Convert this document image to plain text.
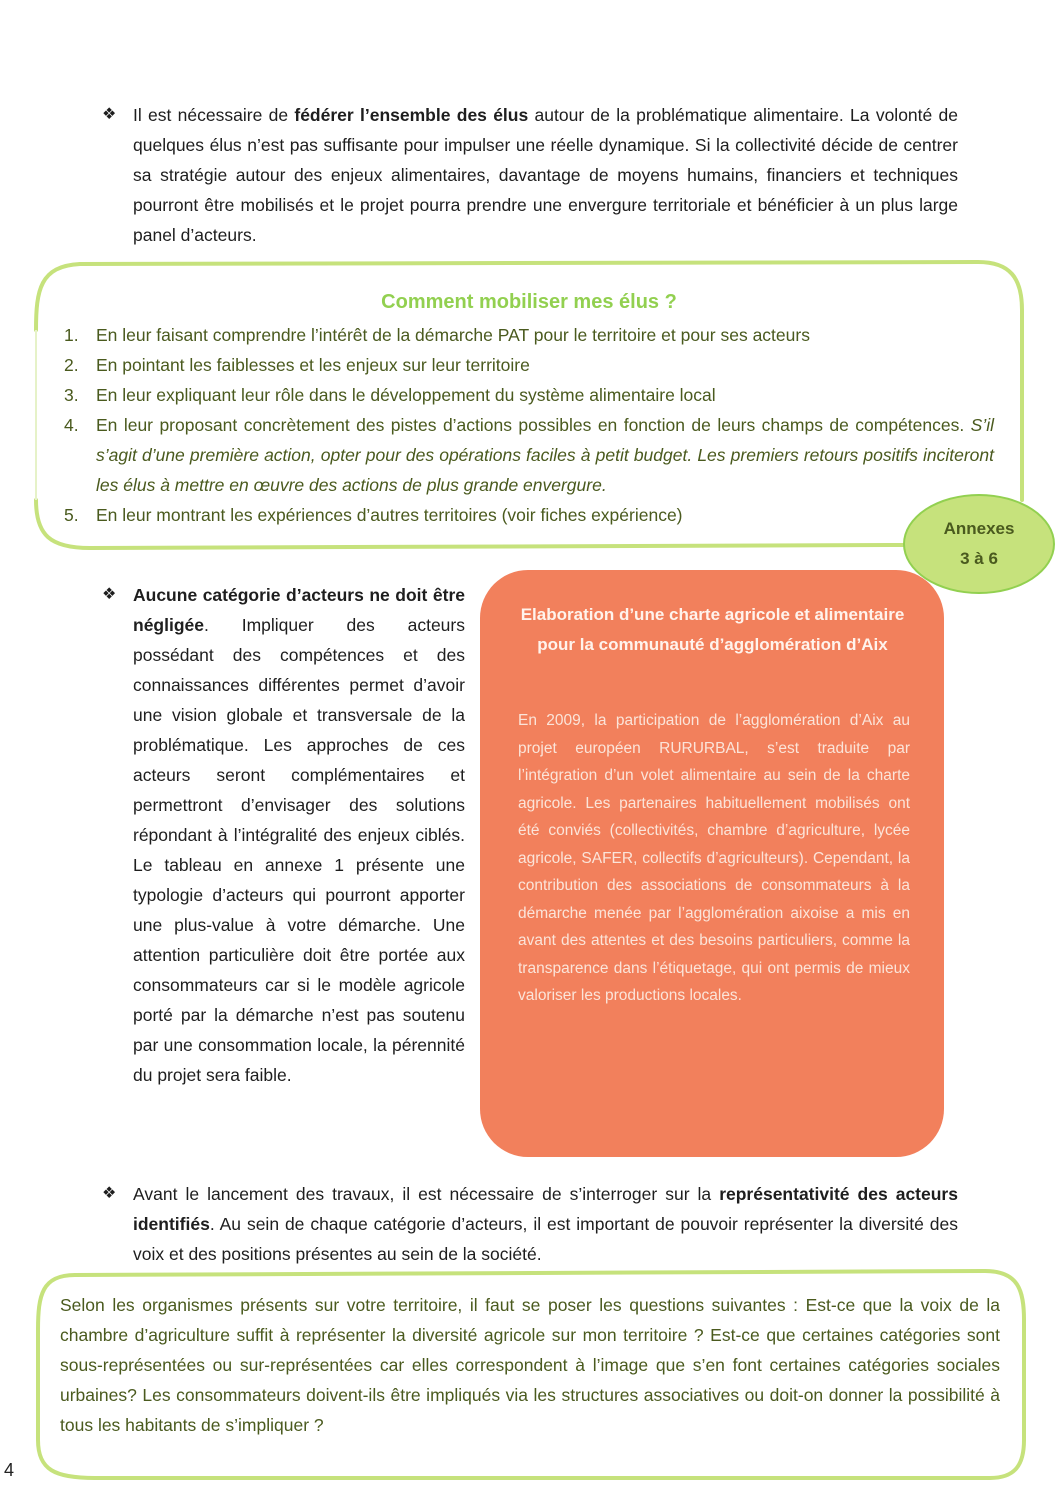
❖ Il est nécessaire de fédérer l’ensemble des élus autour de la problématique alimentaire. La volonté de quelques élus n’est pas suffisante pour impulser une réelle dynamique. Si la collectivité décide de centrer sa stratégie autour des enjeux alimentaires, davantage de moyens humains, financiers et techniques pourront être mobilisés et le projet pourra prendre une envergure territoriale et bénéficier à un plus large panel d’acteurs.

Comment mobiliser mes élus ?
1. En leur faisant comprendre l’intérêt de la démarche PAT pour le territoire et pour ses acteurs
2. En pointant les faiblesses et les enjeux sur leur territoire
3. En leur expliquant leur rôle dans le développement du système alimentaire local
4. En leur proposant concrètement des pistes d’actions possibles en fonction de leurs champs de compétences. S’il s’agit d’une première action, opter pour des opérations faciles à petit budget. Les premiers retours positifs inciteront les élus à mettre en œuvre des actions de plus grande envergure.
5. En leur montrant les expériences d’autres territoires (voir fiches expérience)
Annexes
3 à 6
❖ Aucune catégorie d’acteurs ne doit être négligée. Impliquer des acteurs possédant des compétences et des connaissances différentes permet d’avoir une vision globale et transversale de la problématique. Les approches de ces acteurs seront complémentaires et permettront d’envisager des solutions répondant à l’intégralité des enjeux ciblés. Le tableau en annexe 1 présente une typologie d’acteurs qui pourront apporter une plus-value à votre démarche. Une attention particulière doit être portée aux consommateurs car si le modèle agricole porté par la démarche n’est pas soutenu par une consommation locale, la pérennité du projet sera faible.

Elaboration d’une charte agricole et alimentaire pour la communauté d’agglomération d’Aix
En 2009, la participation de l’agglomération d’Aix au projet européen RURURBAL, s’est traduite par l’intégration d’un volet alimentaire au sein de la charte agricole. Les partenaires habituellement mobilisés ont été conviés (collectivités, chambre d’agriculture, lycée agricole, SAFER, collectifs d’agriculteurs). Cependant, la contribution des associations de consommateurs à la démarche menée par l’agglomération aixoise a mis en avant des attentes et des besoins particuliers, comme la transparence dans l’étiquetage, qui ont permis de mieux valoriser les productions locales.
❖ Avant le lancement des travaux, il est nécessaire de s’interroger sur la représentativité des acteurs identifiés. Au sein de chaque catégorie d’acteurs, il est important de pouvoir représenter la diversité des voix et des positions présentes au sein de la société.

Selon les organismes présents sur votre territoire, il faut se poser les questions suivantes : Est-ce que la voix de la chambre d’agriculture suffit à représenter la diversité agricole sur mon territoire ? Est-ce que certaines catégories sont sous-représentées ou sur-représentées car elles correspondent à l’image que s’en font certaines catégories sociales urbaines? Les consommateurs doivent-ils être impliqués via les structures associatives ou doit-on donner la possibilité à tous les habitants de s’impliquer ?

4
